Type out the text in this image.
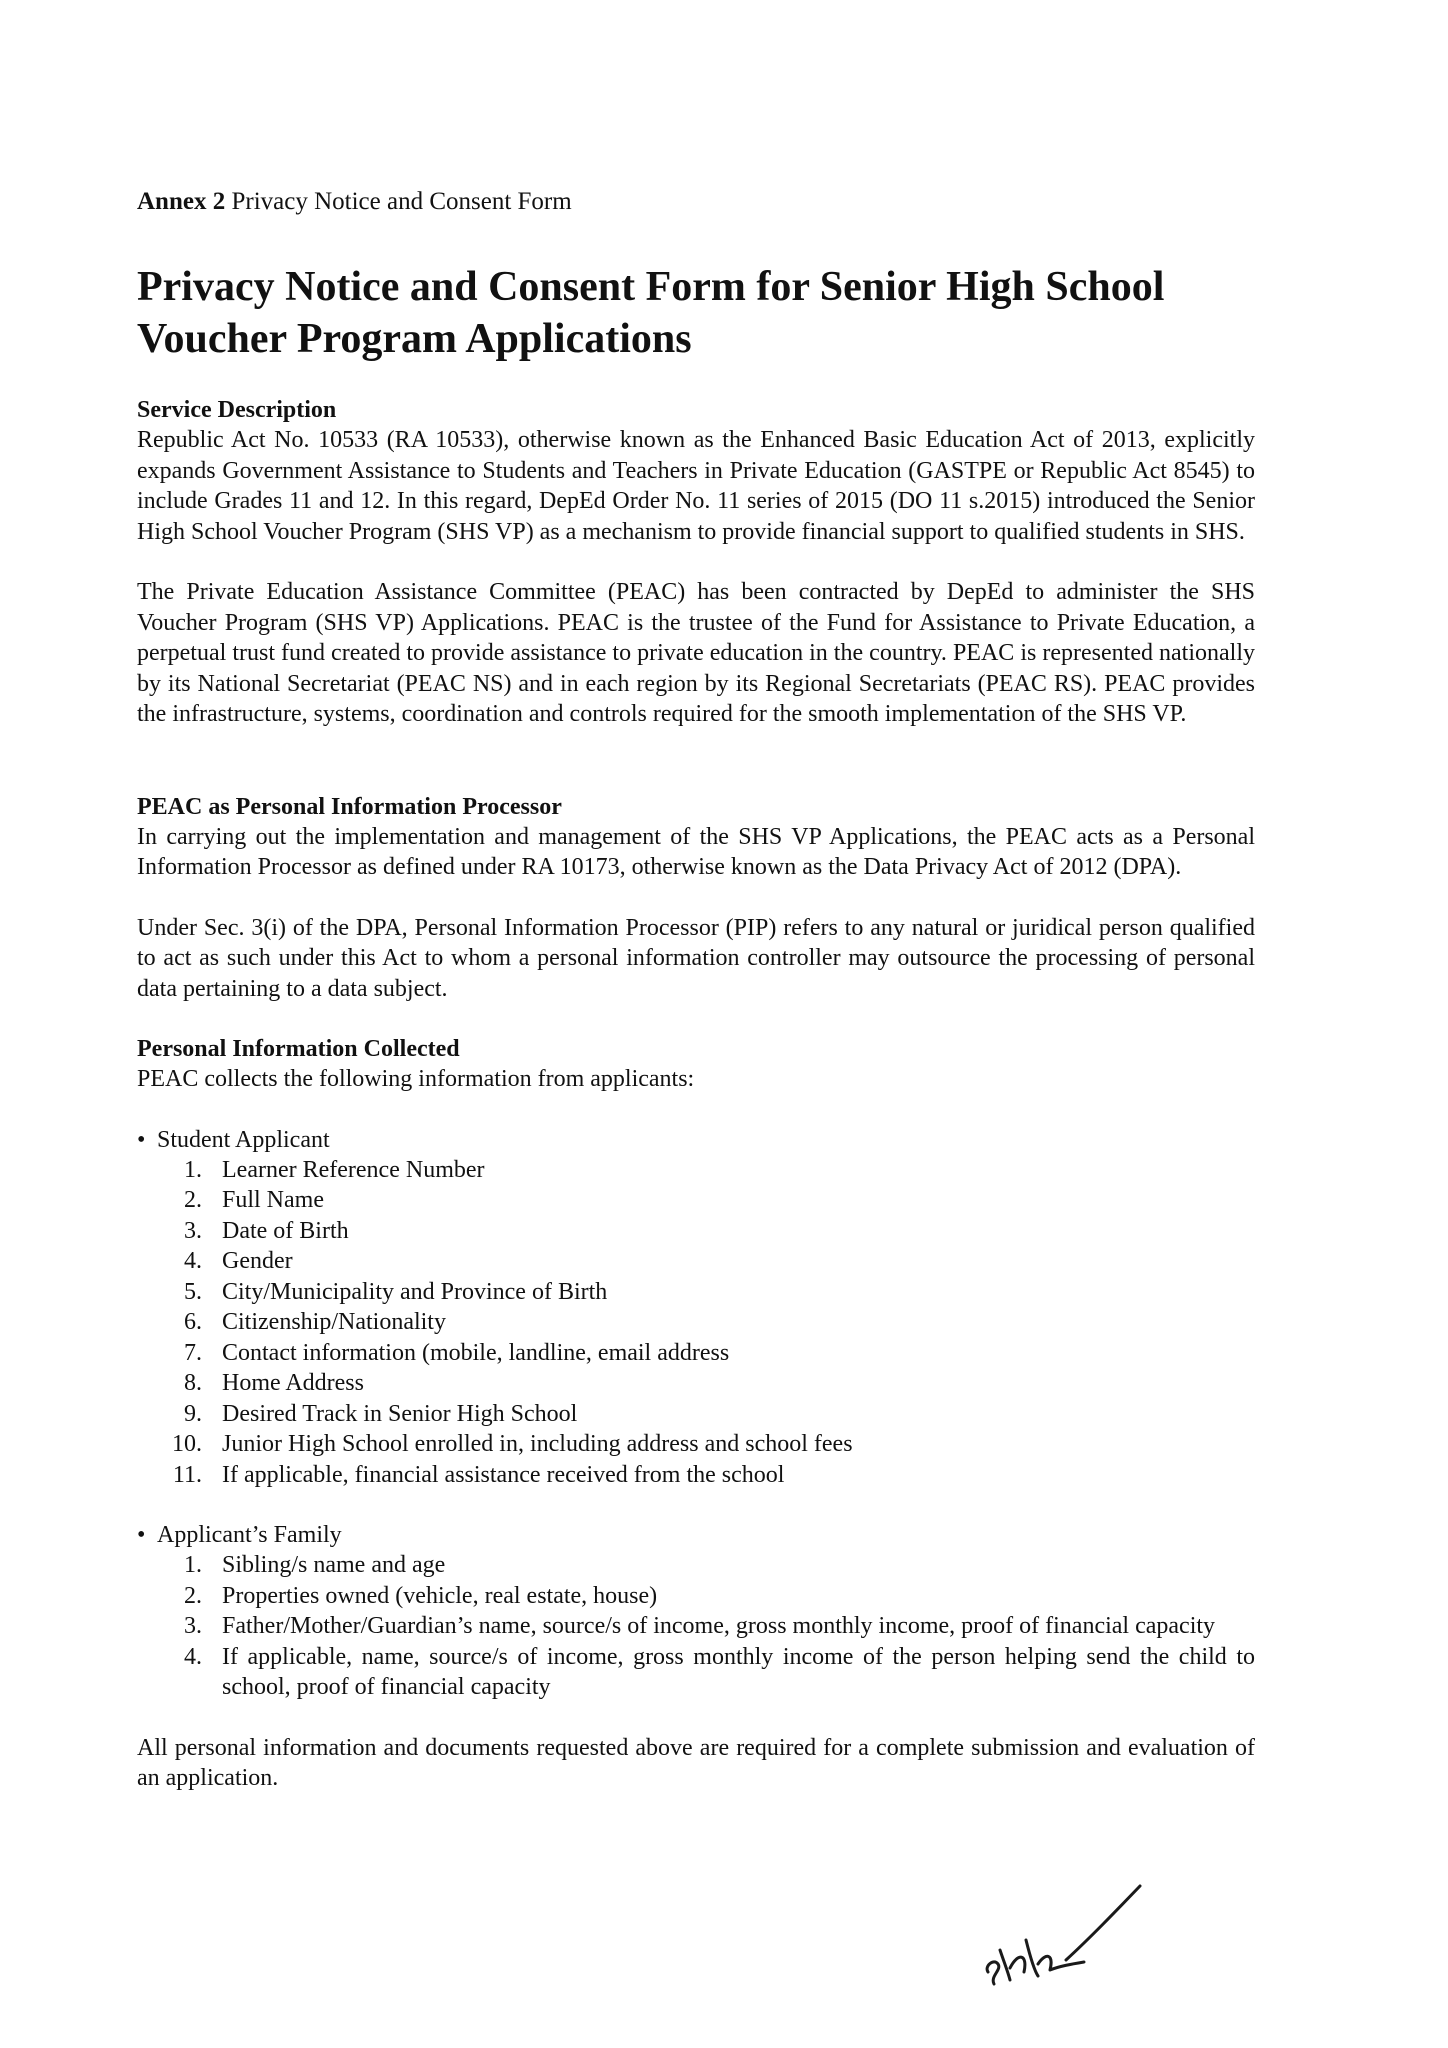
Annex 2 Privacy Notice and Consent Form

Privacy Notice and Consent Form for Senior High School Voucher Program Applications

Service Description

Republic Act No. 10533 (RA 10533), otherwise known as the Enhanced Basic Education Act of 2013, explicitly expands Government Assistance to Students and Teachers in Private Education (GASTPE or Republic Act 8545) to include Grades 11 and 12. In this regard, DepEd Order No. 11 series of 2015 (DO 11 s.2015) introduced the Senior High School Voucher Program (SHS VP) as a mechanism to provide financial support to qualified students in SHS.

The Private Education Assistance Committee (PEAC) has been contracted by DepEd to administer the SHS Voucher Program (SHS VP) Applications. PEAC is the trustee of the Fund for Assistance to Private Education, a perpetual trust fund created to provide assistance to private education in the country. PEAC is represented nationally by its National Secretariat (PEAC NS) and in each region by its Regional Secretariats (PEAC RS). PEAC provides the infrastructure, systems, coordination and controls required for the smooth implementation of the SHS VP.

PEAC as Personal Information Processor

In carrying out the implementation and management of the SHS VP Applications, the PEAC acts as a Personal Information Processor as defined under RA 10173, otherwise known as the Data Privacy Act of 2012 (DPA).

Under Sec. 3(i) of the DPA, Personal Information Processor (PIP) refers to any natural or juridical person qualified to act as such under this Act to whom a personal information controller may outsource the processing of personal data pertaining to a data subject.

Personal Information Collected

PEAC collects the following information from applicants:

• Student Applicant
1. Learner Reference Number
2. Full Name
3. Date of Birth
4. Gender
5. City/Municipality and Province of Birth
6. Citizenship/Nationality
7. Contact information (mobile, landline, email address
8. Home Address
9. Desired Track in Senior High School
10. Junior High School enrolled in, including address and school fees
11. If applicable, financial assistance received from the school
• Applicant’s Family
1. Sibling/s name and age
2. Properties owned (vehicle, real estate, house)
3. Father/Mother/Guardian’s name, source/s of income, gross monthly income, proof of financial capacity
4. If applicable, name, source/s of income, gross monthly income of the person helping send the child to school, proof of financial capacity

All personal information and documents requested above are required for a complete submission and evaluation of an application.
